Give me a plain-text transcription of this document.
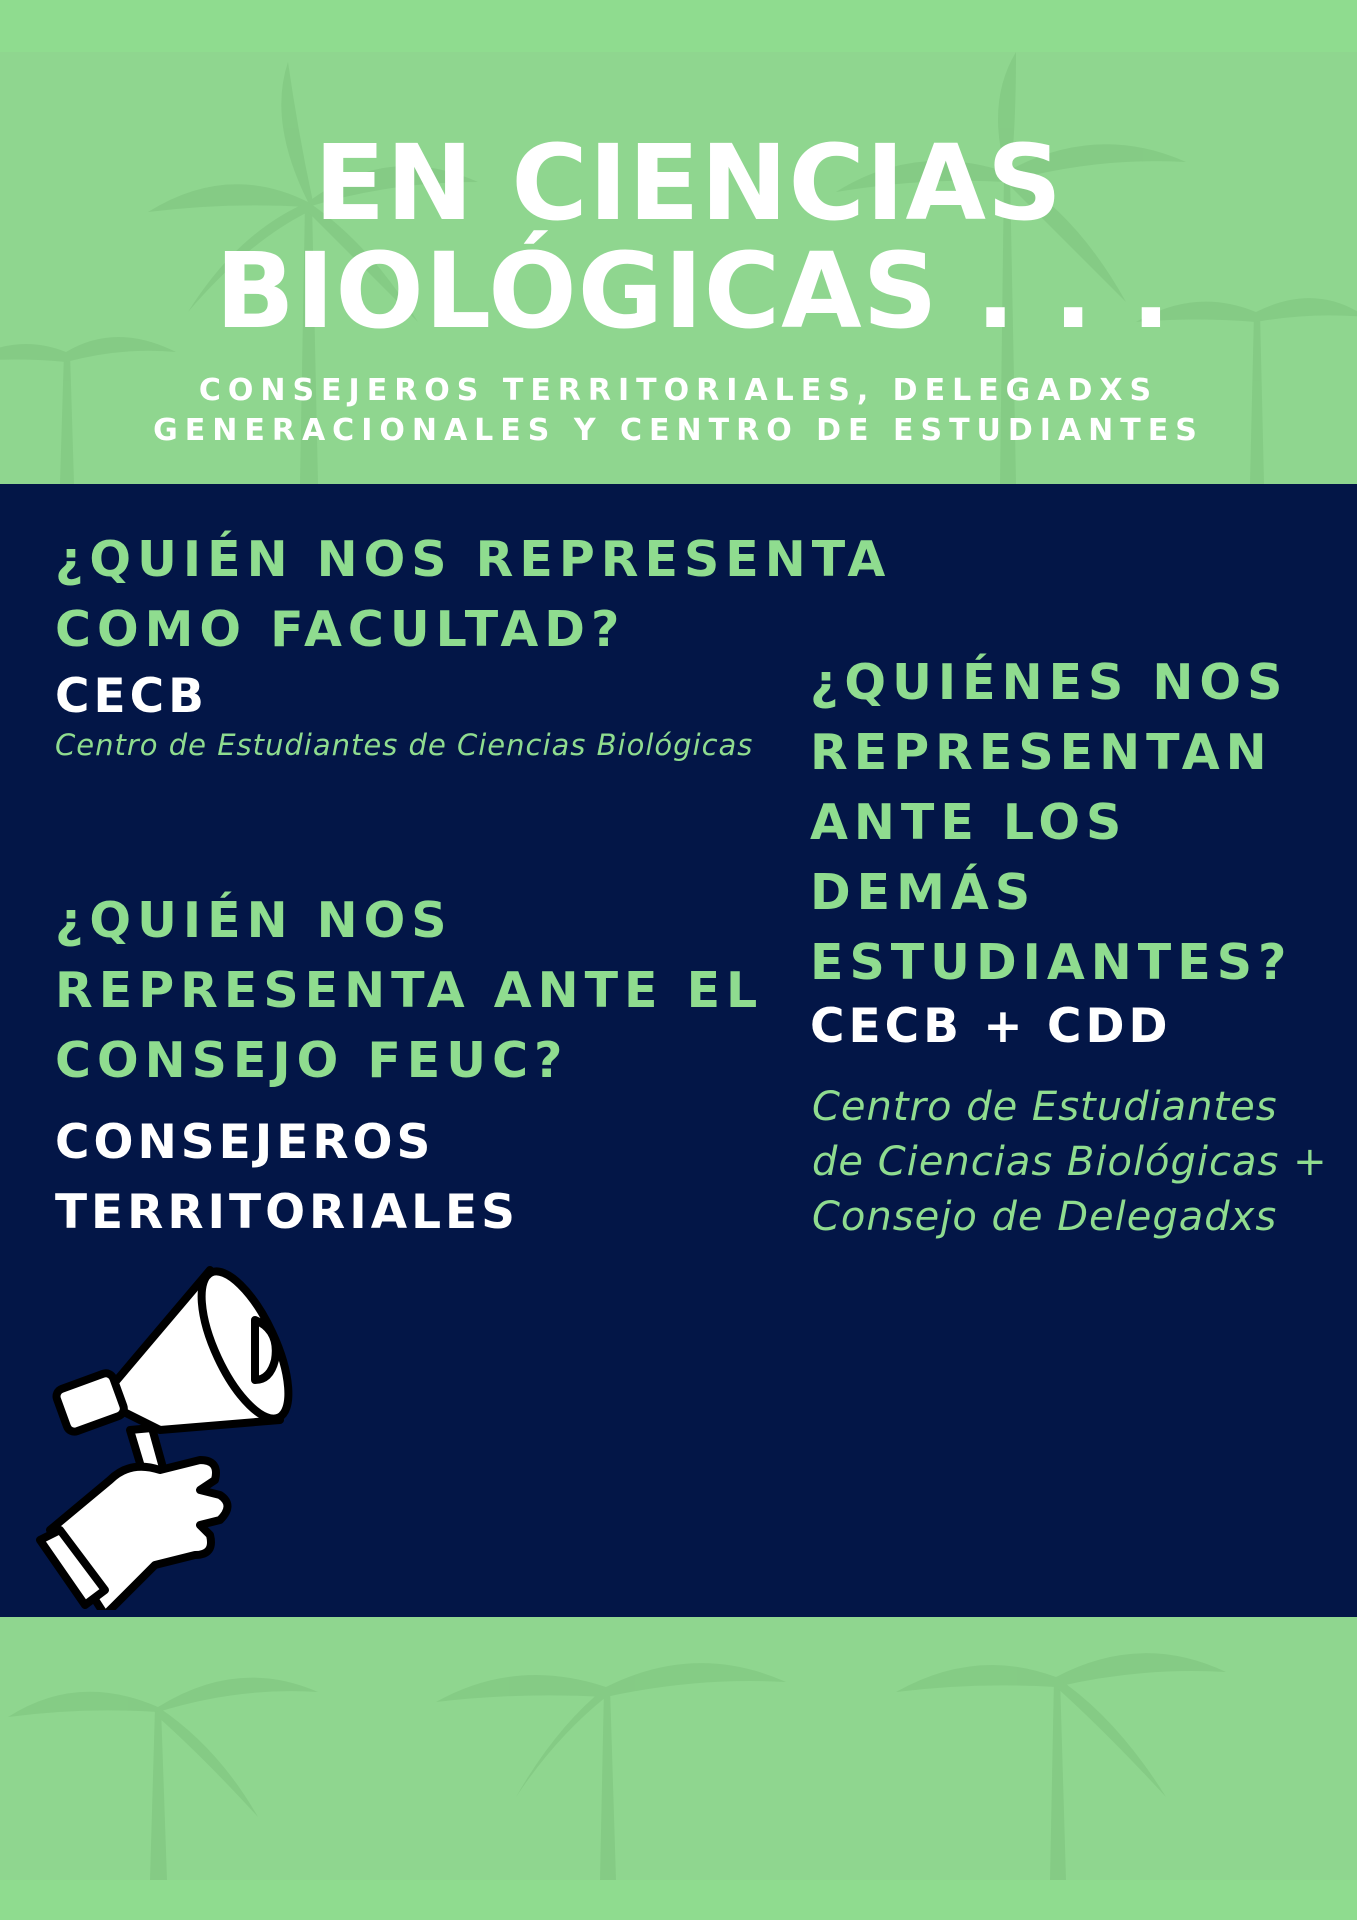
EN CIENCIAS
BIOLÓGICAS . . .
CONSEJEROS TERRITORIALES, DELEGADXS
GENERACIONALES Y CENTRO DE ESTUDIANTES

¿QUIÉN NOS REPRESENTA

COMO FACULTAD?

CECB

Centro de Estudiantes de Ciencias Biológicas

¿QUIÉN NOS

REPRESENTA ANTE EL

CONSEJO FEUC?

CONSEJEROS

TERRITORIALES

¿QUIÉNES NOS

REPRESENTAN

ANTE LOS

DEMÁS

ESTUDIANTES?

CECB + CDD

Centro de Estudiantes

de Ciencias Biológicas +

Consejo de Delegadxs
